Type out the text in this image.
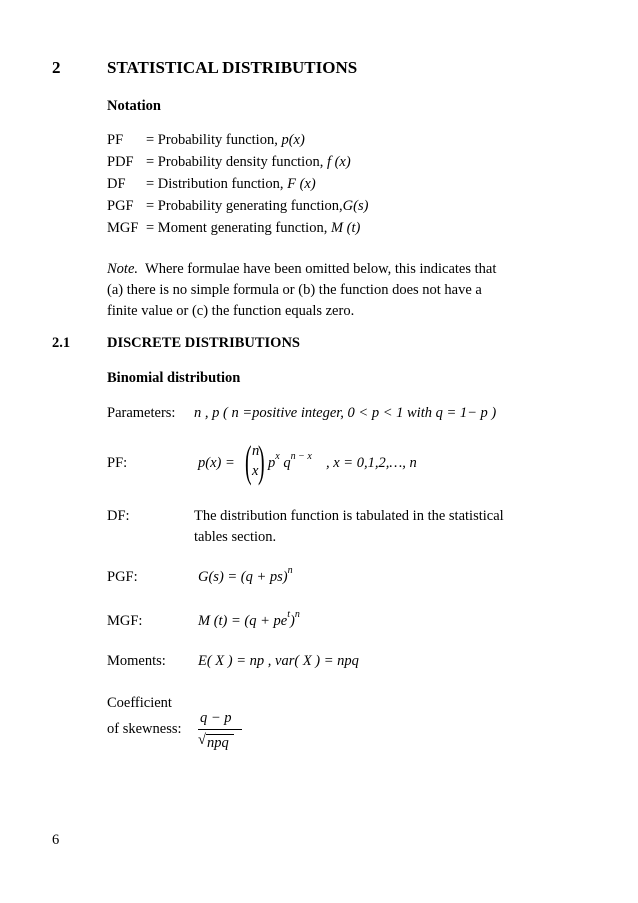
2	STATISTICAL DISTRIBUTIONS
Notation
PF = Probability function, p(x)
PDF = Probability density function, f (x)
DF = Distribution function, F (x)
PGF = Probability generating function,G(s)
MGF = Moment generating function, M (t)
Note. Where formulae have been omitted below, this indicates that
(a) there is no simple formula or (b) the function does not have a
finite value or (c) the function equals zero.
2.1	DISCRETE DISTRIBUTIONS
Binomial distribution
Parameters: n , p ( n =positive integer, 0 < p < 1 with q = 1− p )
PF:	p(x) = ( n
x ) $p^x$ $q^{n - x}$ , x = 0,1,2,…, n
DF:	The distribution function is tabulated in the statistical
tables section.
PGF:	G(s) = (q + ps)$^n$
MGF:	M $(t) = (q + pe^t)^n$
Moments: E( X ) = np , var( X ) = npq
Coefficient
of skewness:
q − p
√ npq
6
